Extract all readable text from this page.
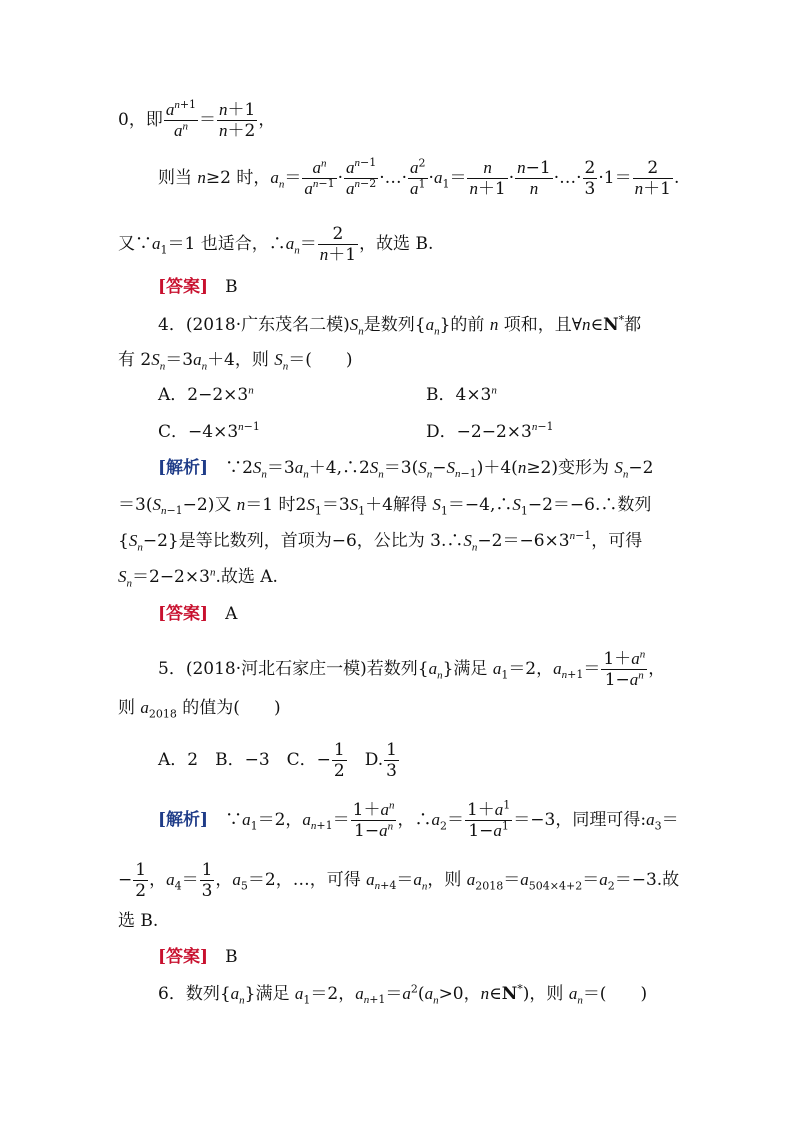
0，即 $\frac{a^{n+1}}{a^n} = \frac{n+1}{n+2}$ ，
则当 n≥2 时，$a_n= \frac{a^n}{a^{n-1}} \cdot \frac{a^{n-1}}{a^{n-2}}$ ·…· $\frac{a^2}{a^1} \cdot a_1= \frac{n}{n+1} \cdot \frac{n-1}{n}$ ·…· $\frac{2}{3} \cdot 1= \frac{2}{n+1}$ .
又$\because a_1=1$ 也适合，$\therefore a_n= \frac{2}{n+1}$ ，故选 B.
[答案]　 B
4．(2018·广东茂名二模)$S_n$是数列$\{a_n\}$的前 n 项和，且∀n∈N*都
有 $2S_n=3a_n+4$，则 $S_n=$(　　)
A．$2-2\times 3^n$	B．$4\times 3^n$
C．$-4\times 3^{n-1}$	D．$-2-2\times 3^{n-1}$
[解析]　$\because 2S_n=3a_n+4,\therefore 2S_n=3(S_n-S_{n-1})+4(n\ge 2)$变形为 $S_n-2$
$=3(S_{n-1}-2)$又 n＝1 时$2S_1=3S_1+4$解得 $S_1=-4,\therefore S_1-2=-6.\therefore$数列
$\{S_n-2\}$是等比数列，首项为−6，公比为 $3.\therefore S_n-2=-6\times 3^{n-1}$，可得
$S_n=2-2\times 3^n$.故选 A.
[答案]　 A
5．(2018·河北石家庄一模)若数列$\{a_n\}$满足 $a_1=2$，$a_{n+1}= \frac{1+a^n}{1-a^n}$ ，
则 $a_{2018}$ 的值为(　　)
A．2　B．−3　C．− $\frac{1}{2}$ 　D. $\frac{1}{3}$
[解析]　$\because a_1=2$，$a_{n+1}= \frac{1+a^n}{1-a^n}$ ，$\therefore a_2= \frac{1+a^1}{1-a^1} =-3$，同理可得$:a_3=$
− $\frac{1}{2}$ ，$a_4= \frac{1}{3}$ ，$a_5=2$，…，可得 $a_{n+4}=a_n$，则 $a_{2018}=a_{504\times 4+2}=a_2=-3$.故
选 B.
[答案]　 B
6．数列$\{a_n\}$满足 $a_1=2$，$a_{n+1}=a^2(a_n>0$，n∈N*)，则 $a_n=$(　　)
